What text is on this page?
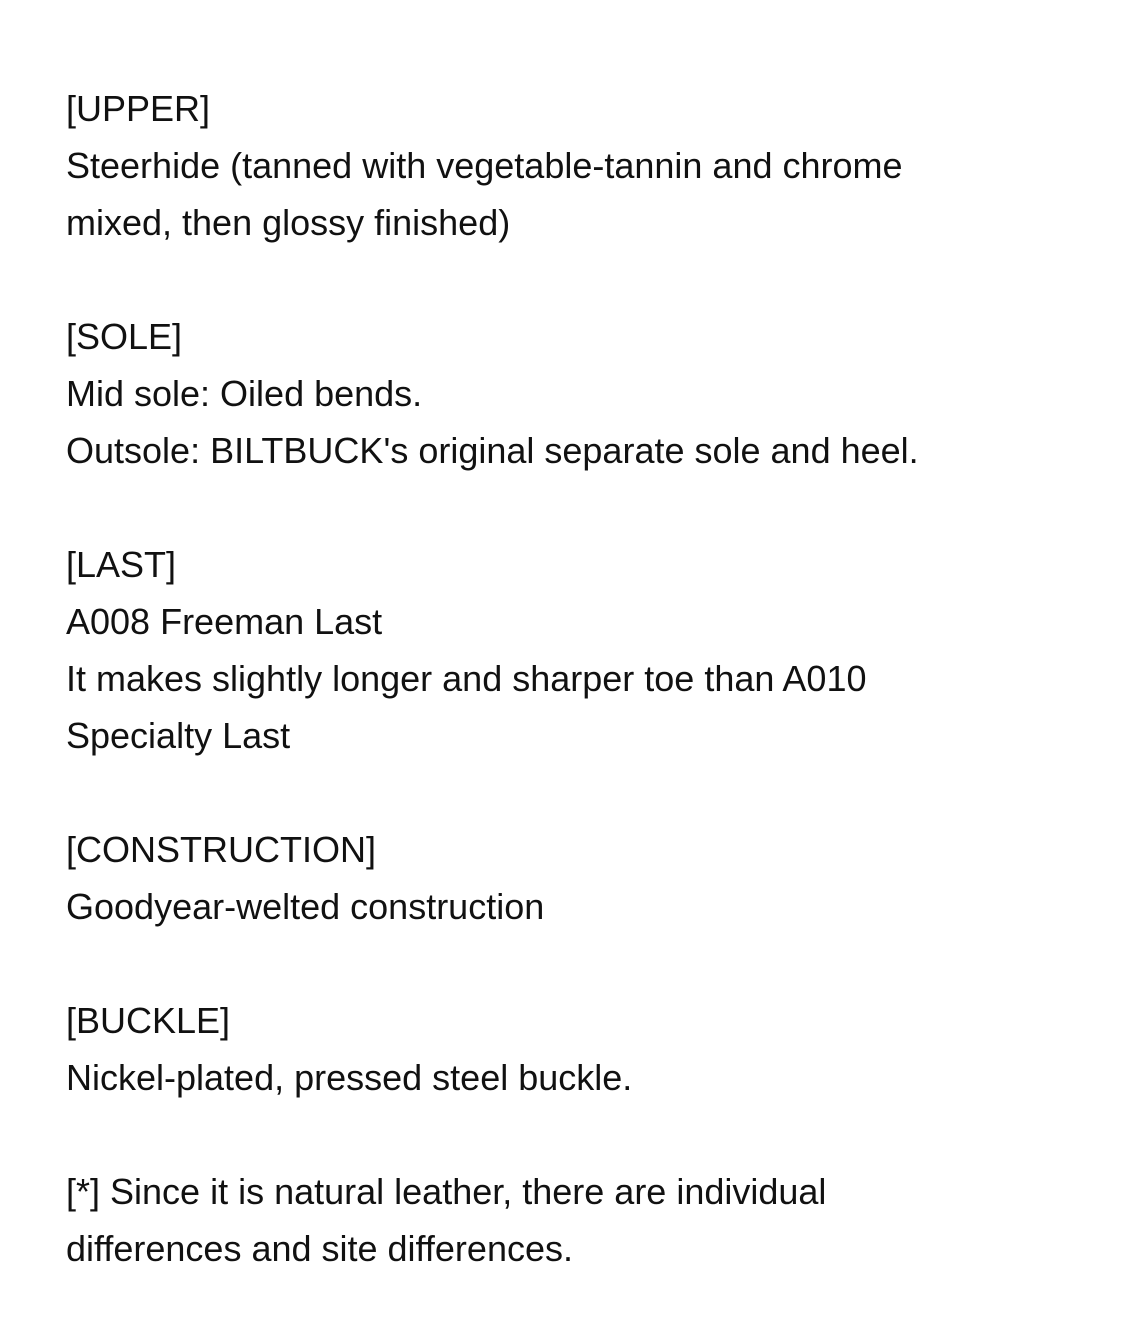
[UPPER]
Steerhide (tanned with vegetable-tannin and chrome
mixed, then glossy finished)
[SOLE]
Mid sole: Oiled bends.
Outsole: BILTBUCK's original separate sole and heel.
[LAST]
A008 Freeman Last
It makes slightly longer and sharper toe than A010
Specialty Last
[CONSTRUCTION]
Goodyear-welted construction
[BUCKLE]
Nickel-plated, pressed steel buckle.
[*] Since it is natural leather, there are individual
differences and site differences.
